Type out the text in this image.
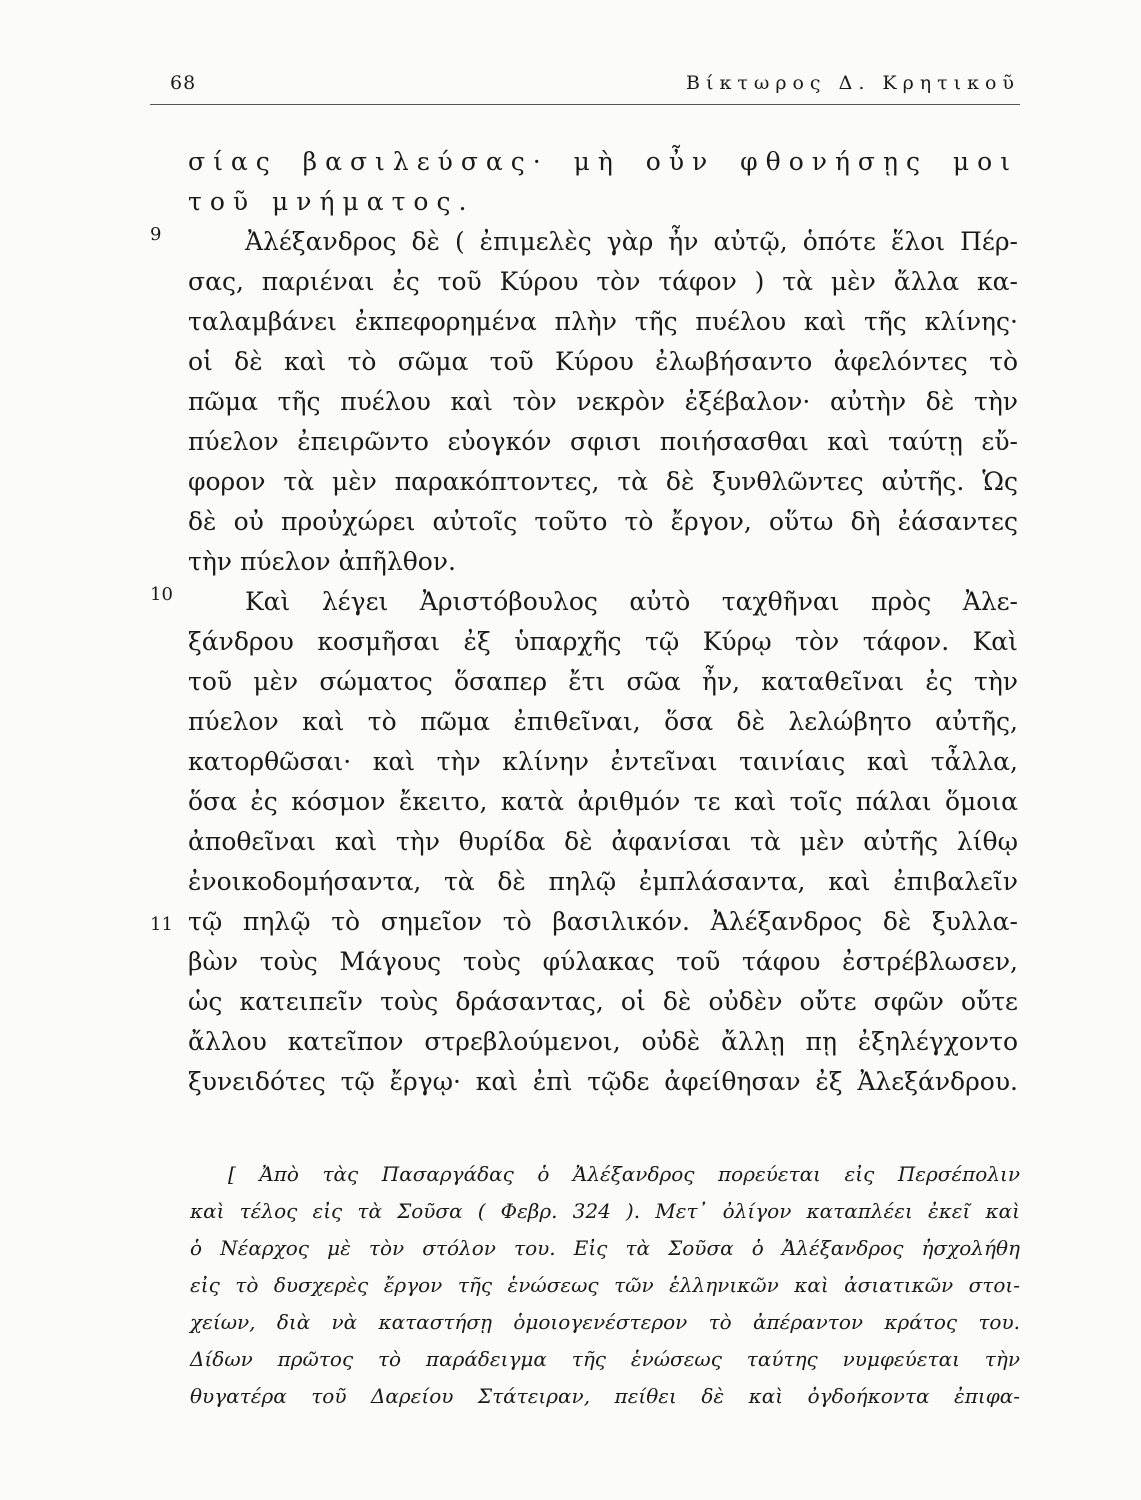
68	Βίκτωρος Δ. Κρητικοῦ
σίας βασιλεύσας· μὴ οὖν φθονήσῃς μοι
τοῦ μνήματος.
9	Ἀλέξανδρος δὲ ( ἐπιμελὲς γὰρ ἦν αὐτῷ, ὁπότε ἕλοι Πέρ-
σας, παριέναι ἐς τοῦ Κύρου τὸν τάφον ) τὰ μὲν ἄλλα κα-
ταλαμβάνει ἐκπεφορημένα πλὴν τῆς πυέλου καὶ τῆς κλίνης·
οἱ δὲ καὶ τὸ σῶμα τοῦ Κύρου ἐλωβήσαντο ἀφελόντες τὸ
πῶμα τῆς πυέλου καὶ τὸν νεκρὸν ἐξέβαλον· αὐτὴν δὲ τὴν
πύελον ἐπειρῶντο εὐογκόν σφισι ποιήσασθαι καὶ ταύτῃ εὔ-
φορον τὰ μὲν παρακόπτοντες, τὰ δὲ ξυνθλῶντες αὐτῆς. Ὡς
δὲ οὐ προὐχώρει αὐτοῖς τοῦτο τὸ ἔργον, οὕτω δὴ ἐάσαντες
τὴν πύελον ἀπῆλθον.
10	Καὶ λέγει Ἀριστόβουλος αὐτὸ ταχθῆναι πρὸς Ἀλε-
ξάνδρου κοσμῆσαι ἐξ ὑπαρχῆς τῷ Κύρῳ τὸν τάφον. Καὶ
τοῦ μὲν σώματος ὅσαπερ ἔτι σῶα ἦν, καταθεῖναι ἐς τὴν
πύελον καὶ τὸ πῶμα ἐπιθεῖναι, ὅσα δὲ λελώβητο αὐτῆς,
κατορθῶσαι· καὶ τὴν κλίνην ἐντεῖναι ταινίαις καὶ τἆλλα,
ὅσα ἐς κόσμον ἔκειτο, κατὰ ἀριθμόν τε καὶ τοῖς πάλαι ὅμοια
ἀποθεῖναι καὶ τὴν θυρίδα δὲ ἀφανίσαι τὰ μὲν αὐτῆς λίθῳ
ἐνοικοδομήσαντα, τὰ δὲ πηλῷ ἐμπλάσαντα, καὶ ἐπιβαλεῖν
11 τῷ πηλῷ τὸ σημεῖον τὸ βασιλικόν. Ἀλέξανδρος δὲ ξυλλα-
βὼν τοὺς Μάγους τοὺς φύλακας τοῦ τάφου ἐστρέβλωσεν,
ὡς κατειπεῖν τοὺς δράσαντας, οἱ δὲ οὐδὲν οὔτε σφῶν οὔτε
ἄλλου κατεῖπον στρεβλούμενοι, οὐδὲ ἄλλῃ πῃ ἐξηλέγχοντο
ξυνειδότες τῷ ἔργῳ· καὶ ἐπὶ τῷδε ἀφείθησαν ἐξ Ἀλεξάνδρου.
[ Ἀπὸ τὰς Πασαργάδας ὁ Ἀλέξανδρος πορεύεται εἰς Περσέπολιν
καὶ τέλος εἰς τὰ Σοῦσα ( Φεβρ. 324 ). Μετ᾽ ὀλίγον καταπλέει ἐκεῖ καὶ
ὁ Νέαρχος μὲ τὸν στόλον του. Εἰς τὰ Σοῦσα ὁ Ἀλέξανδρος ἠσχολήθη
εἰς τὸ δυσχερὲς ἔργον τῆς ἑνώσεως τῶν ἑλληνικῶν καὶ ἀσιατικῶν στοι-
χείων, διὰ νὰ καταστήσῃ ὁμοιογενέστερον τὸ ἀπέραντον κράτος του.
Δίδων πρῶτος τὸ παράδειγμα τῆς ἑνώσεως ταύτης νυμφεύεται τὴν
θυγατέρα τοῦ Δαρείου Στάτειραν, πείθει δὲ καὶ ὀγδοήκοντα ἐπιφα-
